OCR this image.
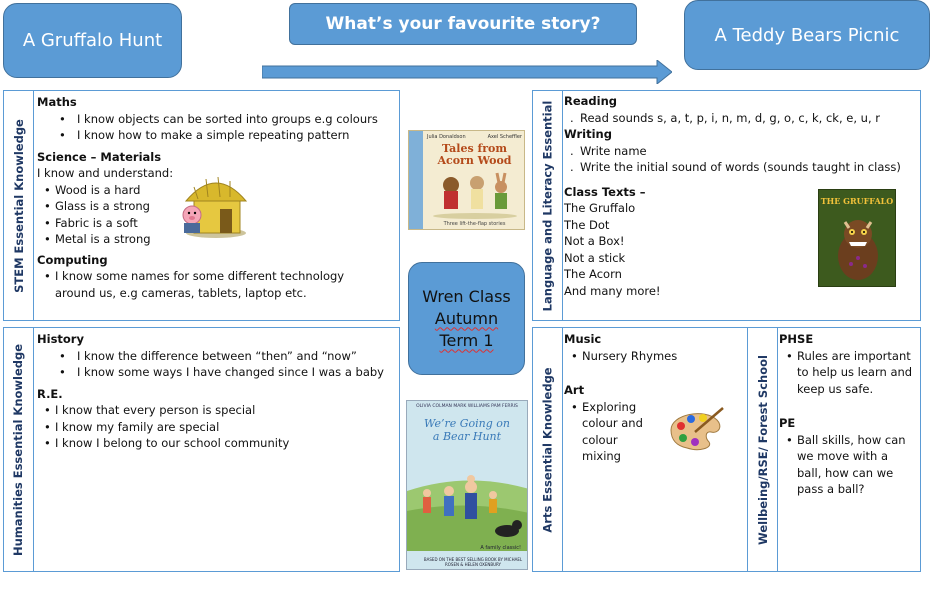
A Gruffalo Hunt
What’s your favourite story?
A Teddy Bears Picnic
STEM Essential Knowledge
Maths
• I know objects can be sorted into groups e.g colours
• I know how to make a simple repeating pattern
Science – Materials
I know and understand:
• Wood is a hard
• Glass is a strong
• Fabric is a soft
• Metal is a strong
Computing
• I know some names for some different technology around us, e.g cameras, tablets, laptop etc.
Humanities Essential Knowledge
History
• I know the difference between “then” and “now”
• I know some ways I have changed since I was a baby
R.E.
• I know that every person is special
• I know my family are special
• I know I belong to our school community
Language and Literacy Essential Reading
. Read sounds s, a, t, p, i, n, m, d, g, o, c, k, ck, e, u, r
Writing
. Write name
. Write the initial sound of words (sounds taught in class)
Class Texts –
The Gruffalo
The Dot
Not a Box!
Not a stick
The Acorn
And many more!
THE GRUFFALO
Arts Essential Knowledge
Music
• Nursery Rhymes
Art
• Exploring colour and colour mixing	Wellbeing/RSE/ Forest School
PHSE
• Rules are important to help us learn and keep us safe.
PE
• Ball skills, how can we move with a ball, how can we pass a ball?
Julia Donaldson	Axel Scheffler
Tales from
Acorn Wood
Three lift-the-flap stories
Wren Class
Autumn
Term 1
OLIVIA COLMAN MARK WILLIAMS PAM FERRIS
We’re Going on
a Bear Hunt
A family classic!
BASED ON THE BEST SELLING BOOK BY MICHAEL ROSEN & HELEN OXENBURY
